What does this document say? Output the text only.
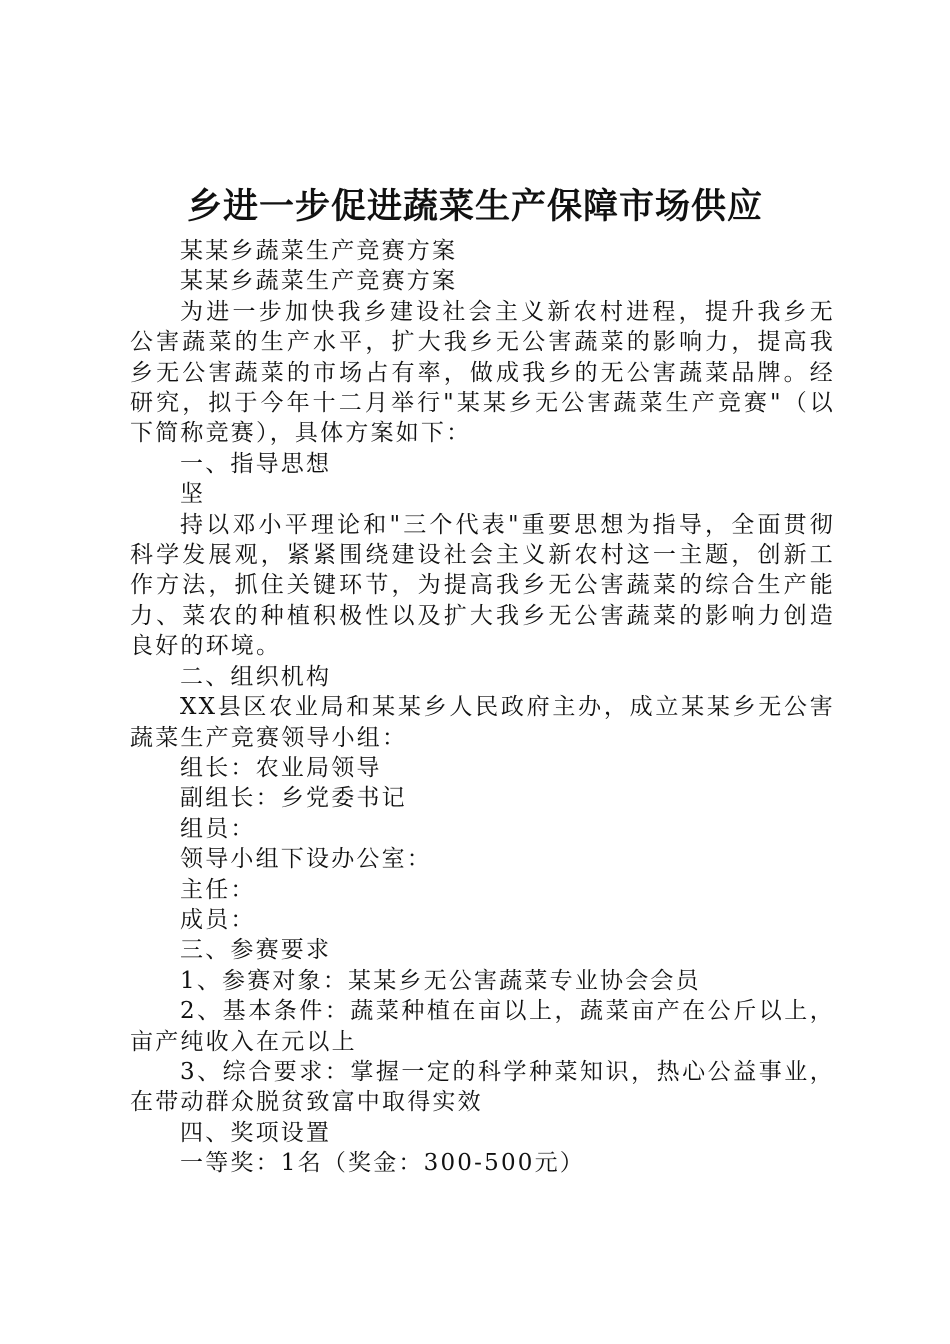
乡进一步促进蔬菜生产保障市场供应

某某乡蔬菜生产竞赛方案

某某乡蔬菜生产竞赛方案

为进一步加快我乡建设社会主义新农村进程，提升我乡无公害蔬菜的生产水平，扩大我乡无公害蔬菜的影响力，提高我乡无公害蔬菜的市场占有率，做成我乡的无公害蔬菜品牌。经研究，拟于今年十二月举行"某某乡无公害蔬菜生产竞赛"（以下简称竞赛），具体方案如下：

一、指导思想

坚

持以邓小平理论和"三个代表"重要思想为指导，全面贯彻科学发展观，紧紧围绕建设社会主义新农村这一主题，创新工作方法，抓住关键环节，为提高我乡无公害蔬菜的综合生产能力、菜农的种植积极性以及扩大我乡无公害蔬菜的影响力创造良好的环境。

二、组织机构

XX县区农业局和某某乡人民政府主办，成立某某乡无公害蔬菜生产竞赛领导小组：

组长：农业局领导

副组长：乡党委书记

组员：

领导小组下设办公室：

主任：

成员：

三、参赛要求

1、参赛对象：某某乡无公害蔬菜专业协会会员

2、基本条件：蔬菜种植在亩以上，蔬菜亩产在公斤以上，亩产纯收入在元以上

3、综合要求：掌握一定的科学种菜知识，热心公益事业，在带动群众脱贫致富中取得实效

四、奖项设置

一等奖：1名（奖金：300-500元）
